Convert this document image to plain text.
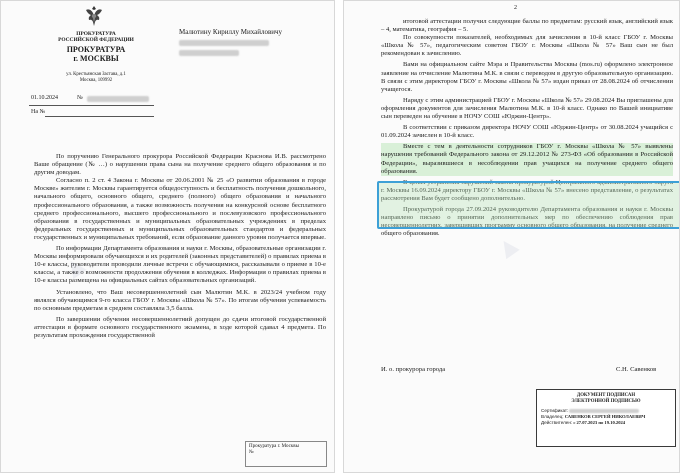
ПРОКУРАТУРА
РОССИЙСКОЙ ФЕДЕРАЦИИ
ПРОКУРАТУРА
г. МОСКВЫ
ул. Крестьянская Застава, д.1
Москва, 109992
01.10.2024	№
На №
Малютину Кириллу Михайловичу

По поручению Генерального прокурора Российской Федерации Краснова И.В. рассмотрено Ваше обращение (№ …) о нарушении права сына на получение среднего общего образования и по другим доводам.

Согласно п. 2 ст. 4 Закона г. Москвы от 20.06.2001 № 25 «О развитии образования в городе Москве» жителям г. Москвы гарантируется общедоступность и бесплатность получения дошкольного, начального общего, основного общего, среднего (полного) общего образования и начального профессионального образования, а также возможность получения на конкурсной основе бесплатного среднего профессионального, высшего профессионального и послевузовского профессионального образования в государственных и муниципальных образовательных учреждениях в пределах федеральных государственных и муниципальных образовательных стандартов и федеральных государственных и муниципальных требований, если образование данного уровня получается впервые.

По информации Департамента образования и науки г. Москвы, образовательные организации г. Москвы информировали обучающихся и их родителей (законных представителей) о правилах приема в 10-е классы, руководители проводили личные встречи с обучающимися, рассказывали о приеме в 10-е классы, а также о возможности продолжения обучения в колледжах. Информация о правилах приема в 10-е классы размещена на официальных сайтах образовательных организаций.

Установлено, что Ваш несовершеннолетний сын Малютин М.К. в 2023/24 учебном году являлся обучающимся 9-го класса ГБОУ г. Москвы «Школа № 57». По итогам обучения успеваемость по основным предметам в среднем составляла 3,5 балла.

По завершении обучения несовершеннолетний допущен до сдачи итоговой государственной аттестации в формате основного государственного экзамена, в ходе которой сдавал 4 предмета. По результатам прохождения государственной

Прокуратура г. Москвы
№
▲
2

итоговой аттестации получил следующие баллы по предметам: русский язык, английский язык – 4, математика, география – 5.

По совокупности показателей, необходимых для зачисления в 10-й класс ГБОУ г. Москвы «Школа № 57», педагогическим советом ГБОУ г. Москвы «Школа № 57» Ваш сын не был рекомендован к зачислению.

Вами на официальном сайте Мэра и Правительства Москвы (mos.ru) оформлено электронное заявление на отчисление Малютина М.К. в связи с переводом в другую образовательную организацию. В связи с этим директором ГБОУ г. Москвы «Школа № 57» издан приказ от 28.08.2024 об отчислении учащегося.

Наряду с этим администрацией ГБОУ г. Москвы «Школа № 57» 29.08.2024 Вы приглашены для оформления документов для зачисления Малютина М.К. в 10-й класс. Однако по Вашей инициативе сын переведен на обучение в НОЧУ СОШ «Юджин-Центр».

В соответствии с приказом директора НОЧУ СОШ «Юджин-Центр» от 30.08.2024 учащийся с 01.09.2024 зачислен в 10-й класс.

Вместе с тем в деятельности сотрудников ГБОУ г. Москвы «Школа № 57» выявлены нарушения требований Федерального закона от 29.12.2012 № 273-ФЗ «Об образовании в Российской Федерации», выразившиеся в несоблюдении прав учащихся на получение среднего общего образования.

В целях устранения нарушений закона прокуратурой Центрального административного округа г. Москвы 16.09.2024 директору ГБОУ г. Москвы «Школа № 57» внесено представление, о результатах рассмотрения Вам будет сообщено дополнительно.

Прокуратурой города 27.09.2024 руководителю Департамента образования и науки г. Москвы направлено письмо о принятии дополнительных мер по обеспечению соблюдения прав несовершеннолетних, завершивших программу основного общего образования, на получение среднего общего образования.

И. о. прокурора города	С.Н. Савенков
ДОКУМЕНТ ПОДПИСАН
ЭЛЕКТРОННОЙ ПОДПИСЬЮ
Сертификат:
Владелец: САВЕНКОВ СЕРГЕЙ НИКОЛАЕВИЧ
Действителен: с 27.07.2023 по 19.10.2024
▲
